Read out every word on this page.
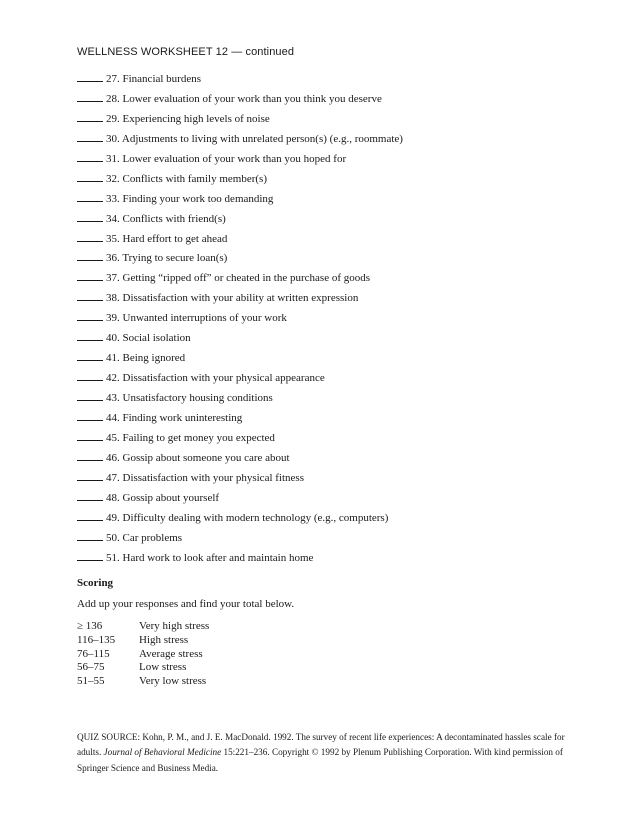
WELLNESS WORKSHEET 12 — continued
27. Financial burdens
28. Lower evaluation of your work than you think you deserve
29. Experiencing high levels of noise
30. Adjustments to living with unrelated person(s) (e.g., roommate)
31. Lower evaluation of your work than you hoped for
32. Conflicts with family member(s)
33. Finding your work too demanding
34. Conflicts with friend(s)
35. Hard effort to get ahead
36. Trying to secure loan(s)
37. Getting “ripped off” or cheated in the purchase of goods
38. Dissatisfaction with your ability at written expression
39. Unwanted interruptions of your work
40. Social isolation
41. Being ignored
42. Dissatisfaction with your physical appearance
43. Unsatisfactory housing conditions
44. Finding work uninteresting
45. Failing to get money you expected
46. Gossip about someone you care about
47. Dissatisfaction with your physical fitness
48. Gossip about yourself
49. Difficulty dealing with modern technology (e.g., computers)
50. Car problems
51. Hard work to look after and maintain home
Scoring
Add up your responses and find your total below.
≥ 136	Very high stress
116–135 High stress
76–115	Average stress
56–75	Low stress
51–55	Very low stress
QUIZ SOURCE: Kohn, P. M., and J. E. MacDonald. 1992. The survey of recent life experiences: A decontaminated hassles scale for adults. Journal of Behavioral Medicine 15:221–236. Copyright © 1992 by Plenum Publishing Corporation. With kind permission of Springer Science and Business Media.
